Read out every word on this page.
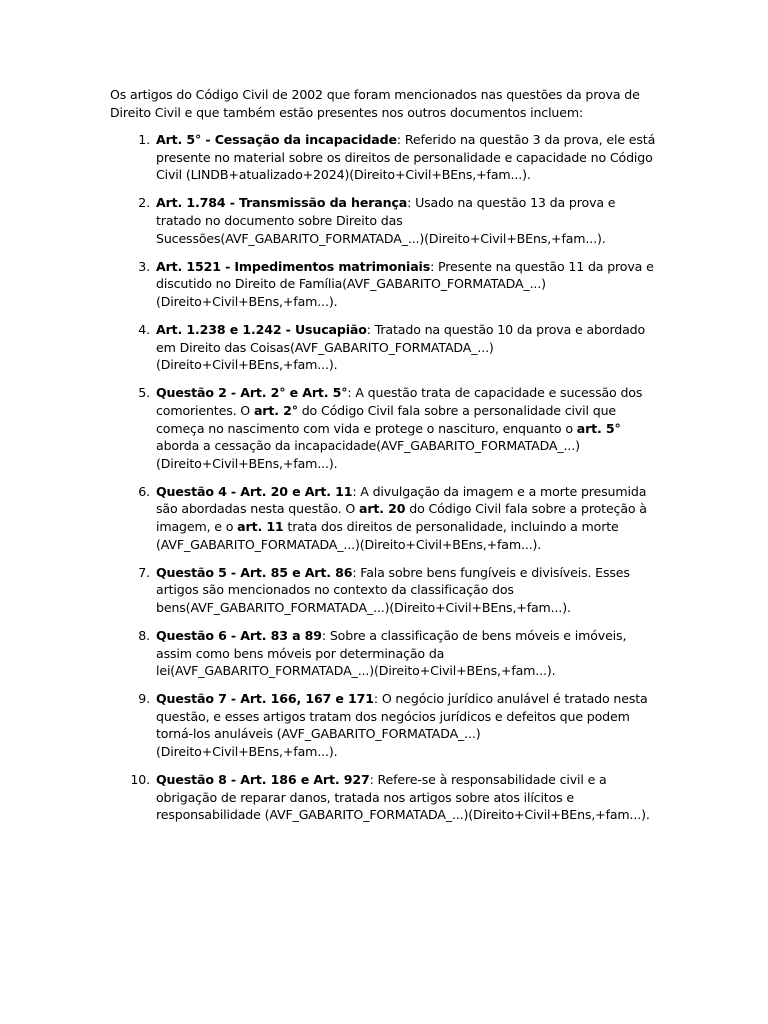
Os artigos do Código Civil de 2002 que foram mencionados nas questões da prova de Direito Civil e que também estão presentes nos outros documentos incluem:

1. Art. 5° - Cessação da incapacidade: Referido na questão 3 da prova, ele está presente no material sobre os direitos de personalidade e capacidade no Código Civil (LINDB+atualizado+2024)(Direito+Civil+BEns,+fam...).
2. Art. 1.784 - Transmissão da herança: Usado na questão 13 da prova e tratado no documento sobre Direito das Sucessões(AVF_GABARITO_FORMATADA_...)(Direito+Civil+BEns,+fam...).
3. Art. 1521 - Impedimentos matrimoniais: Presente na questão 11 da prova e discutido no Direito de Família(AVF_GABARITO_FORMATADA_...)(Direito+Civil+BEns,+fam...).
4. Art. 1.238 e 1.242 - Usucapião: Tratado na questão 10 da prova e abordado em Direito das Coisas(AVF_GABARITO_FORMATADA_...)(Direito+Civil+BEns,+fam...).
5. Questão 2 - Art. 2° e Art. 5°: A questão trata de capacidade e sucessão dos comorientes. O art. 2° do Código Civil fala sobre a personalidade civil que começa no nascimento com vida e protege o nascituro, enquanto o art. 5° aborda a cessação da incapacidade(AVF_GABARITO_FORMATADA_...)(Direito+Civil+BEns,+fam...).
6. Questão 4 - Art. 20 e Art. 11: A divulgação da imagem e a morte presumida são abordadas nesta questão. O art. 20 do Código Civil fala sobre a proteção à imagem, e o art. 11 trata dos direitos de personalidade, incluindo a morte (AVF_GABARITO_FORMATADA_...)(Direito+Civil+BEns,+fam...).
7. Questão 5 - Art. 85 e Art. 86: Fala sobre bens fungíveis e divisíveis. Esses artigos são mencionados no contexto da classificação dos bens(AVF_GABARITO_FORMATADA_...)(Direito+Civil+BEns,+fam...).
8. Questão 6 - Art. 83 a 89: Sobre a classificação de bens móveis e imóveis, assim como bens móveis por determinação da lei(AVF_GABARITO_FORMATADA_...)(Direito+Civil+BEns,+fam...).
9. Questão 7 - Art. 166, 167 e 171: O negócio jurídico anulável é tratado nesta questão, e esses artigos tratam dos negócios jurídicos e defeitos que podem torná-los anuláveis (AVF_GABARITO_FORMATADA_...)(Direito+Civil+BEns,+fam...).
10. Questão 8 - Art. 186 e Art. 927: Refere-se à responsabilidade civil e a obrigação de reparar danos, tratada nos artigos sobre atos ilícitos e responsabilidade (AVF_GABARITO_FORMATADA_...)(Direito+Civil+BEns,+fam...).
